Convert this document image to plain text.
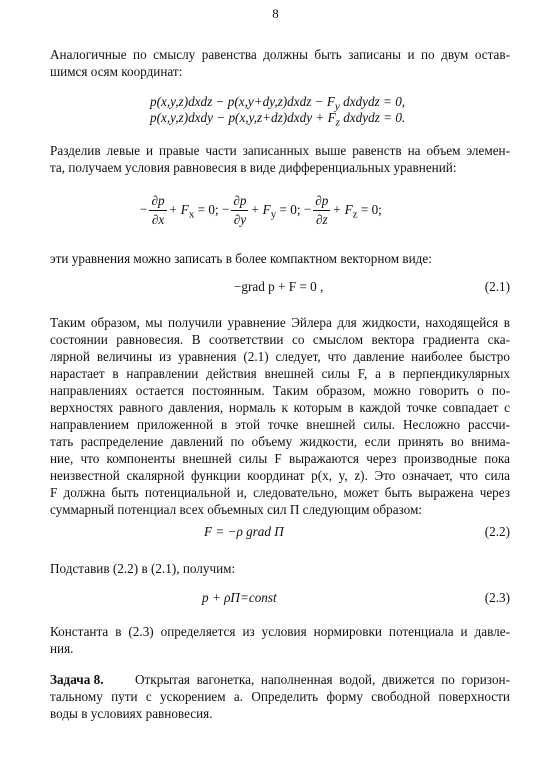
8
Аналогичные по смыслу равенства должны быть записаны и по двум остав-
шимся осям координат:
p(x,y,z)dxdz − p(x,y+dy,z)dxdz − $F_y$ dxdydz = 0,
p(x,y,z)dxdy − p(x,y,z+dz)dxdy + $F_z$ dxdydz = 0.
Разделив левые и правые части записанных выше равенств на объем элемен-
та, получаем условия равновесия в виде дифференциальных уравнений:
− $\frac{\partial p}{\partial x} + F_x = 0$; − $\frac{\partial p}{\partial y} + F_y = 0$; − $\frac{\partial p}{\partial z} + F_z = 0$;
эти уравнения можно записать в более компактном векторном виде:
−grad p + F = 0 ,	(2.1)
Таким образом, мы получили уравнение Эйлера для жидкости, находящейся в
состоянии равновесия. В соответствии со смыслом вектора градиента ска-
лярной величины из уравнения (2.1) следует, что давление наиболее быстро
нарастает в направлении действия внешней силы F, а в перпендикулярных
направлениях остается постоянным. Таким образом, можно говорить о по-
верхностях равного давления, нормаль к которым в каждой точке совпадает с
направлением приложенной в этой точке внешней силы. Несложно рассчи-
тать распределение давлений по объему жидкости, если принять во внима-
ние, что компоненты внешней силы F выражаются через производные пока
неизвестной скалярной функции координат p(x, y, z). Это означает, что сила
F должна быть потенциальной и, следовательно, может быть выражена через
суммарный потенциал всех объемных сил П следующим образом:
F = −ρ grad П	(2.2)
Подставив (2.2) в (2.1), получим:
p + ρП=const	(2.3)
Константа в (2.3) определяется из условия нормировки потенциала и давле-
ния.
Задача 8.	Открытая вагонетка, наполненная водой, движется по горизон-
тальному пути с ускорением a. Определить форму свободной поверхности
воды в условиях равновесия.
